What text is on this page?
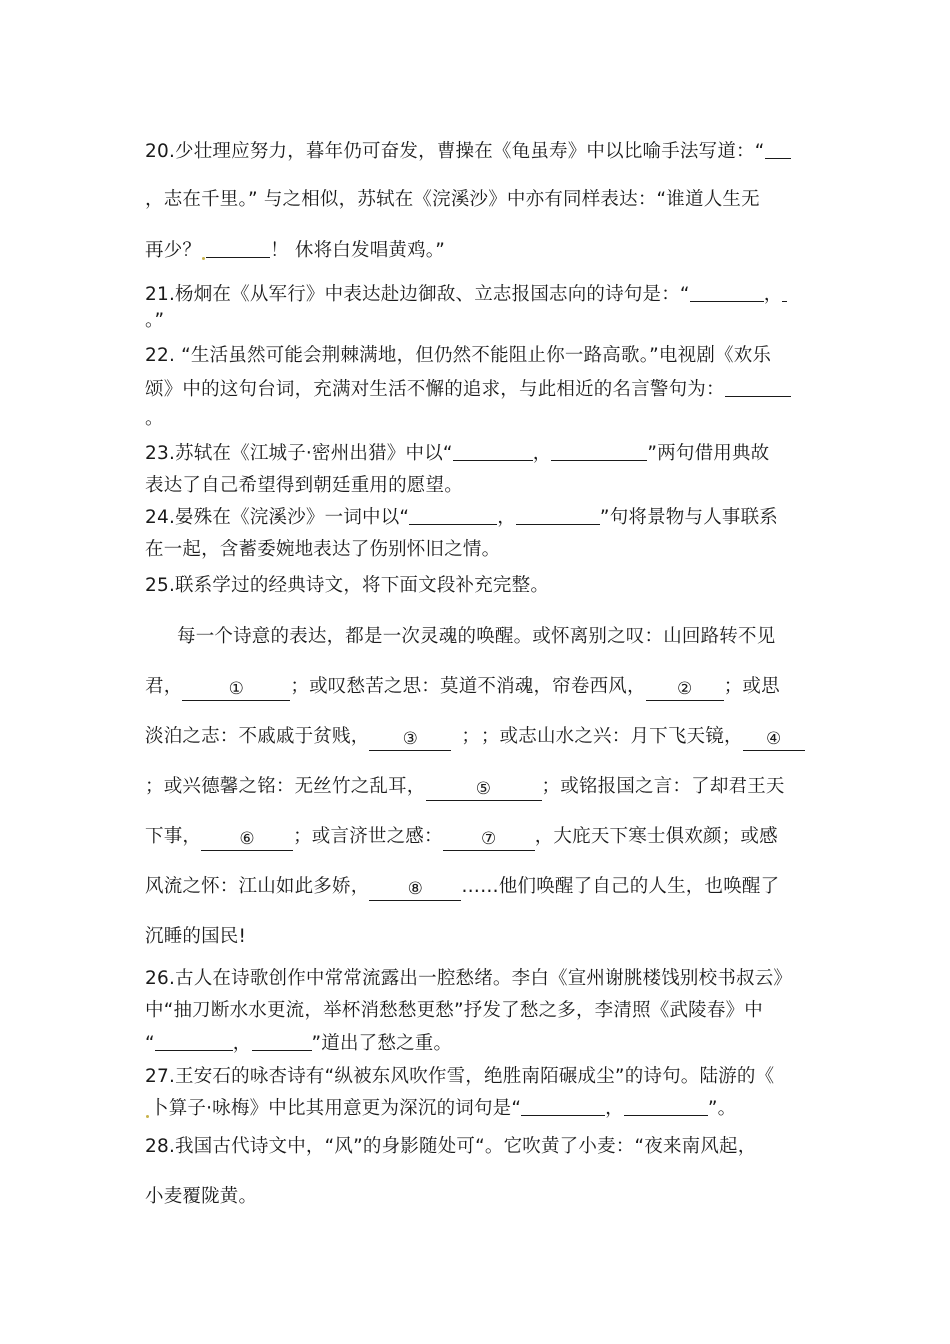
20.少壮理应努力，暮年仍可奋发，曹操在《龟虽寿》中以比喻手法写道：“
，志在千里。” 与之相似，苏轼在《浣溪沙》中亦有同样表达：“谁道人生无
再少？	！ 休将白发唱黄鸡。”
21.杨炯在《从军行》中表达赴边御敌、立志报国志向的诗句是：“	，
。”
22. “生活虽然可能会荆棘满地，但仍然不能阻止你一路高歌。”电视剧《欢乐
颂》中的这句台词，充满对生活不懈的追求，与此相近的名言警句为：
。
23.苏轼在《江城子·密州出猎》中以“	，	”两句借用典故
表达了自己希望得到朝廷重用的愿望。
24.晏殊在《浣溪沙》一词中以“	，	”句将景物与人事联系
在一起，含蓄委婉地表达了伤别怀旧之情。
25.联系学过的经典诗文，将下面文段补充完整。
每一个诗意的表达，都是一次灵魂的唤醒。或怀离别之叹：山回路转不见
君，	①	；或叹愁苦之思：莫道不消魂，帘卷西风， ② ；或思
淡泊之志：不戚戚于贫贱， ③ ； ；或志山水之兴：月下飞天镜， ④
；或兴德馨之铭：无丝竹之乱耳，	⑤	；或铭报国之言：了却君王天
下事， ⑥ ；或言济世之感： ⑦ ，大庇天下寒士俱欢颜；或感
风流之怀：江山如此多娇， ⑧ ……他们唤醒了自己的人生，也唤醒了
沉睡的国民!
26.古人在诗歌创作中常常流露出一腔愁绪。李白《宣州谢朓楼饯别校书叔云》
中“抽刀断水水更流，举杯消愁愁更愁”抒发了愁之多，李清照《武陵春》中
“	，	”道出了愁之重。
27.王安石的咏杏诗有“纵被东风吹作雪，绝胜南陌碾成尘”的诗句。陆游的《
卜算子·咏梅》中比其用意更为深沉的词句是“	，	”。
28.我国古代诗文中，“风”的身影随处可“。它吹黄了小麦：“夜来南风起，
小麦覆陇黄。
